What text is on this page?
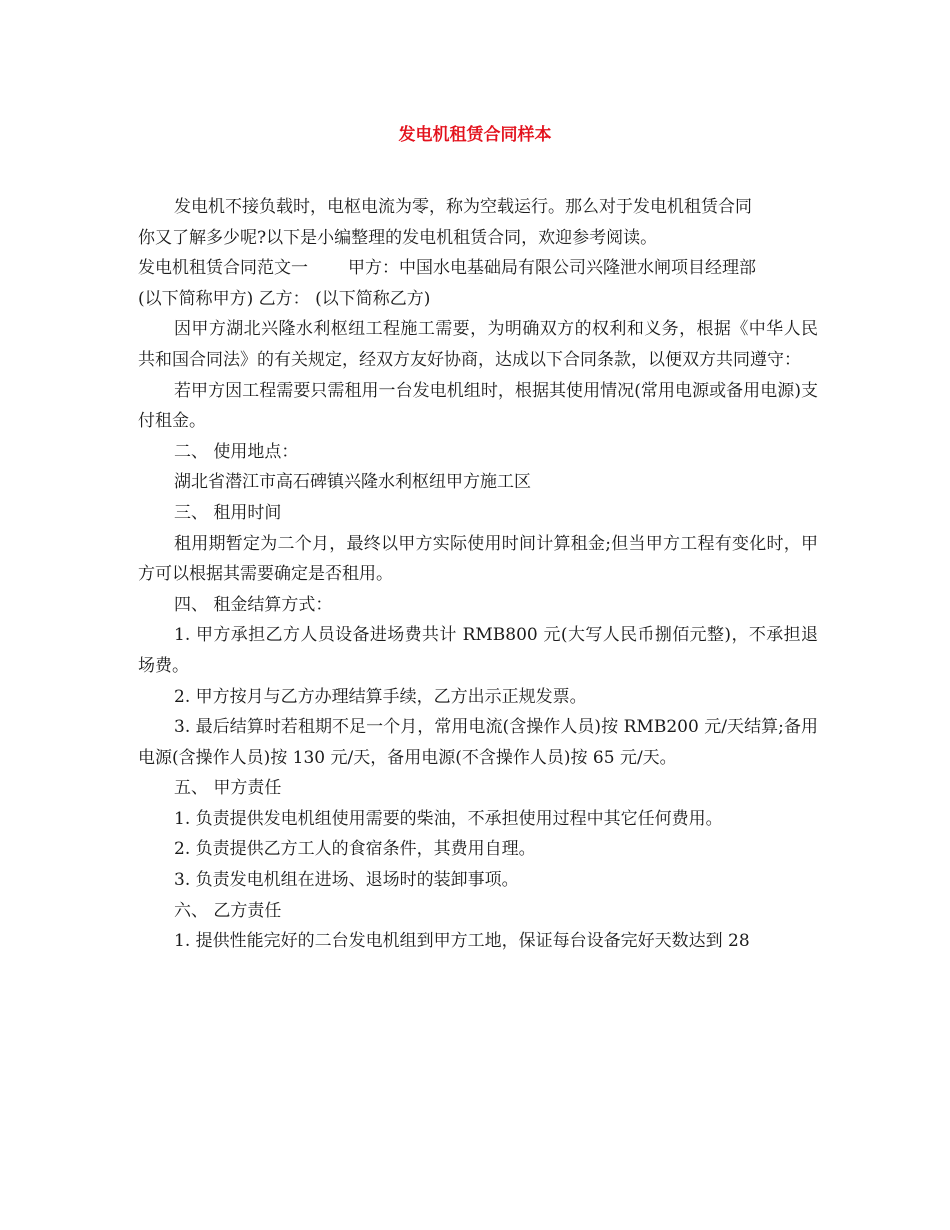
发电机租赁合同样本

发电机不接负载时，电枢电流为零，称为空载运行。那么对于发电机租赁合同

你又了解多少呢?以下是小编整理的发电机租赁合同，欢迎参考阅读。

发电机租赁合同范文一 甲方：中国水电基础局有限公司兴隆泄水闸项目经理部

(以下简称甲方) 乙方： (以下简称乙方)

因甲方湖北兴隆水利枢纽工程施工需要，为明确双方的权利和义务，根据《中华人民共和国合同法》的有关规定，经双方友好协商，达成以下合同条款，以便双方共同遵守：

若甲方因工程需要只需租用一台发电机组时，根据其使用情况(常用电源或备用电源)支付租金。

二、 使用地点：

湖北省潜江市高石碑镇兴隆水利枢纽甲方施工区

三、 租用时间

租用期暂定为二个月，最终以甲方实际使用时间计算租金;但当甲方工程有变化时，甲方可以根据其需要确定是否租用。

四、 租金结算方式：

1. 甲方承担乙方人员设备进场费共计 RMB800 元(大写人民币捌佰元整)，不承担退场费。

2. 甲方按月与乙方办理结算手续，乙方出示正规发票。

3. 最后结算时若租期不足一个月，常用电流(含操作人员)按 RMB200 元/天结算;备用电源(含操作人员)按 130 元/天，备用电源(不含操作人员)按 65 元/天。

五、 甲方责任

1. 负责提供发电机组使用需要的柴油，不承担使用过程中其它任何费用。

2. 负责提供乙方工人的食宿条件，其费用自理。

3. 负责发电机组在进场、退场时的装卸事项。

六、 乙方责任

1. 提供性能完好的二台发电机组到甲方工地，保证每台设备完好天数达到 28
